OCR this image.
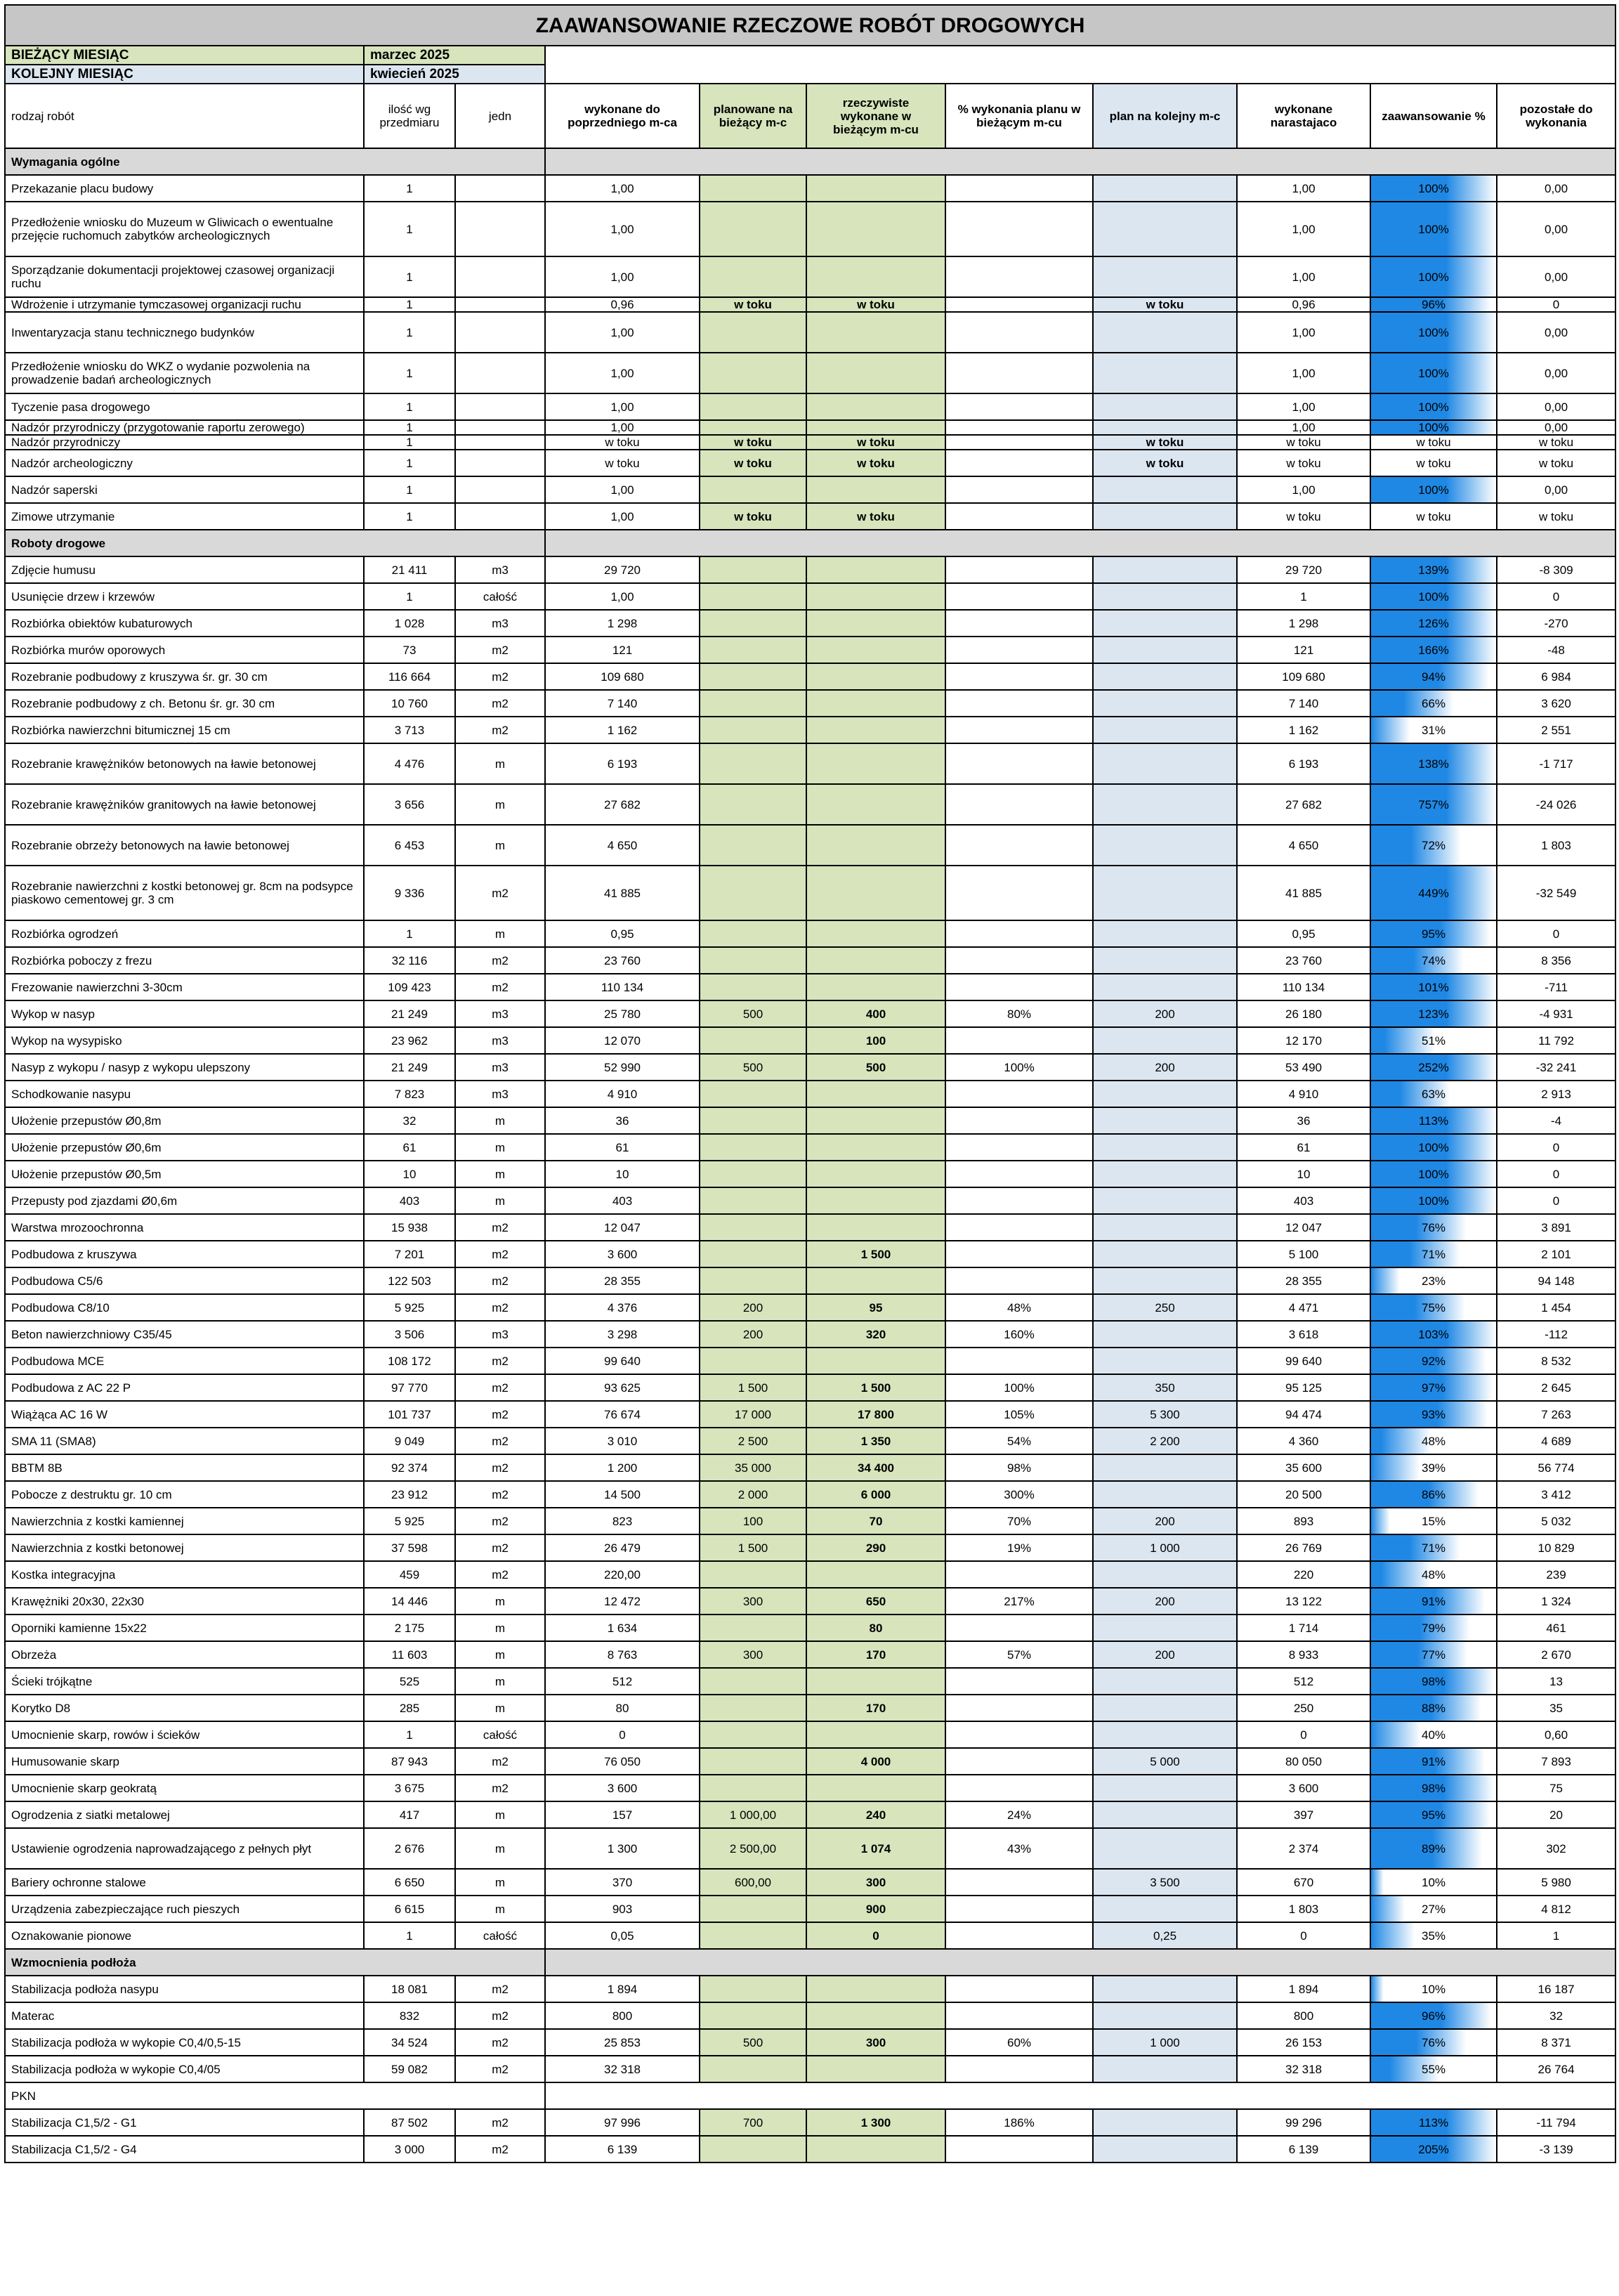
ZAAWANSOWANIE RZECZOWE ROBÓT DROGOWYCH										
BIEŻĄCY MIESIĄC	marzec 2025									
KOLEJNY MIESIĄC	kwiecień 2025									
rodzaj robót	ilość wg przedmiaru	jedn	wykonane do poprzedniego m-ca	planowane na bieżący m-c	rzeczywiste wykonane w bieżącym m-cu	% wykonania planu w bieżącym m-cu	plan na kolejny m-c	wykonane narastajaco	zaawansowanie %	pozostałe do wykonania
Wymagania ogólne										
Przekazanie placu budowy	1		1,00					1,00	100%	0,00
Przedłożenie wniosku do Muzeum w Gliwicach o ewentualne przejęcie ruchomuch zabytków archeologicznych	1		1,00					1,00	100%	0,00
Sporządzanie dokumentacji projektowej czasowej organizacji ruchu	1		1,00					1,00	100%	0,00
Wdrożenie i utrzymanie tymczasowej organizacji ruchu	1		0,96	w toku	w toku		w toku	0,96	96%	0
Inwentaryzacja stanu technicznego budynków	1		1,00					1,00	100%	0,00
Przedłożenie wniosku do WKZ o wydanie pozwolenia na prowadzenie badań archeologicznych	1		1,00					1,00	100%	0,00
Tyczenie pasa drogowego	1		1,00					1,00	100%	0,00
Nadzór przyrodniczy (przygotowanie raportu zerowego)	1		1,00					1,00	100%	0,00
Nadzór przyrodniczy	1		w toku	w toku	w toku		w toku	w toku	w toku	w toku
Nadzór archeologiczny	1		w toku	w toku	w toku		w toku	w toku	w toku	w toku
Nadzór saperski	1		1,00					1,00	100%	0,00
Zimowe utrzymanie	1		1,00	w toku	w toku			w toku	w toku	w toku
Roboty drogowe										
Zdjęcie humusu	21 411	m3	29 720					29 720	139%	-8 309
Usunięcie drzew i krzewów	1	całość	1,00					1	100%	0
Rozbiórka obiektów kubaturowych	1 028	m3	1 298					1 298	126%	-270
Rozbiórka murów oporowych	73	m2	121					121	166%	-48
Rozebranie podbudowy z kruszywa śr. gr. 30 cm	116 664	m2	109 680					109 680	94%	6 984
Rozebranie podbudowy z ch. Betonu śr. gr. 30 cm	10 760	m2	7 140					7 140	66%	3 620
Rozbiórka nawierzchni bitumicznej 15 cm	3 713	m2	1 162					1 162	31%	2 551
Rozebranie krawężników betonowych na ławie betonowej	4 476	m	6 193					6 193	138%	-1 717
Rozebranie krawężników granitowych na ławie betonowej	3 656	m	27 682					27 682	757%	-24 026
Rozebranie obrzeży betonowych na ławie betonowej	6 453	m	4 650					4 650	72%	1 803
Rozebranie nawierzchni z kostki betonowej gr. 8cm na podsypce piaskowo cementowej gr. 3 cm	9 336	m2	41 885					41 885	449%	-32 549
Rozbiórka ogrodzeń	1	m	0,95					0,95	95%	0
Rozbiórka poboczy z frezu	32 116	m2	23 760					23 760	74%	8 356
Frezowanie nawierzchni 3-30cm	109 423	m2	110 134					110 134	101%	-711
Wykop w nasyp	21 249	m3	25 780	500	400	80%	200	26 180	123%	-4 931
Wykop na wysypisko	23 962	m3	12 070		100			12 170	51%	11 792
Nasyp z wykopu / nasyp z wykopu ulepszony	21 249	m3	52 990	500	500	100%	200	53 490	252%	-32 241
Schodkowanie nasypu	7 823	m3	4 910					4 910	63%	2 913
Ułożenie przepustów Ø0,8m	32	m	36					36	113%	-4
Ułożenie przepustów Ø0,6m	61	m	61					61	100%	0
Ułożenie przepustów Ø0,5m	10	m	10					10	100%	0
Przepusty pod zjazdami Ø0,6m	403	m	403					403	100%	0
Warstwa mrozoochronna	15 938	m2	12 047					12 047	76%	3 891
Podbudowa z kruszywa	7 201	m2	3 600		1 500			5 100	71%	2 101
Podbudowa C5/6	122 503	m2	28 355					28 355	23%	94 148
Podbudowa C8/10	5 925	m2	4 376	200	95	48%	250	4 471	75%	1 454
Beton nawierzchniowy C35/45	3 506	m3	3 298	200	320	160%		3 618	103%	-112
Podbudowa MCE	108 172	m2	99 640					99 640	92%	8 532
Podbudowa z AC 22 P	97 770	m2	93 625	1 500	1 500	100%	350	95 125	97%	2 645
Wiążąca AC 16 W	101 737	m2	76 674	17 000	17 800	105%	5 300	94 474	93%	7 263
SMA 11 (SMA8)	9 049	m2	3 010	2 500	1 350	54%	2 200	4 360	48%	4 689
BBTM 8B	92 374	m2	1 200	35 000	34 400	98%		35 600	39%	56 774
Pobocze z destruktu gr. 10 cm	23 912	m2	14 500	2 000	6 000	300%		20 500	86%	3 412
Nawierzchnia z kostki kamiennej	5 925	m2	823	100	70	70%	200	893	15%	5 032
Nawierzchnia z kostki betonowej	37 598	m2	26 479	1 500	290	19%	1 000	26 769	71%	10 829
Kostka integracyjna	459	m2	220,00					220	48%	239
Krawężniki 20x30, 22x30	14 446	m	12 472	300	650	217%	200	13 122	91%	1 324
Oporniki kamienne 15x22	2 175	m	1 634		80			1 714	79%	461
Obrzeża	11 603	m	8 763	300	170	57%	200	8 933	77%	2 670
Ścieki trójkątne	525	m	512					512	98%	13
Korytko D8	285	m	80		170			250	88%	35
Umocnienie skarp, rowów i ścieków	1	całość	0					0	40%	0,60
Humusowanie skarp	87 943	m2	76 050		4 000		5 000	80 050	91%	7 893
Umocnienie skarp geokratą	3 675	m2	3 600					3 600	98%	75
Ogrodzenia z siatki metalowej	417	m	157	1 000,00	240	24%		397	95%	20
Ustawienie ogrodzenia naprowadzającego z pełnych płyt	2 676	m	1 300	2 500,00	1 074	43%		2 374	89%	302
Bariery ochronne stalowe	6 650	m	370	600,00	300		3 500	670	10%	5 980
Urządzenia zabezpieczające ruch pieszych	6 615	m	903		900			1 803	27%	4 812
Oznakowanie pionowe	1	całość	0,05		0		0,25	0	35%	1
Wzmocnienia podłoża										
Stabilizacja podłoża nasypu	18 081	m2	1 894					1 894	10%	16 187
Materac	832	m2	800					800	96%	32
Stabilizacja podłoża w wykopie C0,4/0,5-15	34 524	m2	25 853	500	300	60%	1 000	26 153	76%	8 371
Stabilizacja podłoża w wykopie C0,4/05	59 082	m2	32 318					32 318	55%	26 764
PKN										
Stabilizacja C1,5/2 - G1	87 502	m2	97 996	700	1 300	186%		99 296	113%	-11 794
Stabilizacja C1,5/2 - G4	3 000	m2	6 139					6 139	205%	-3 139
